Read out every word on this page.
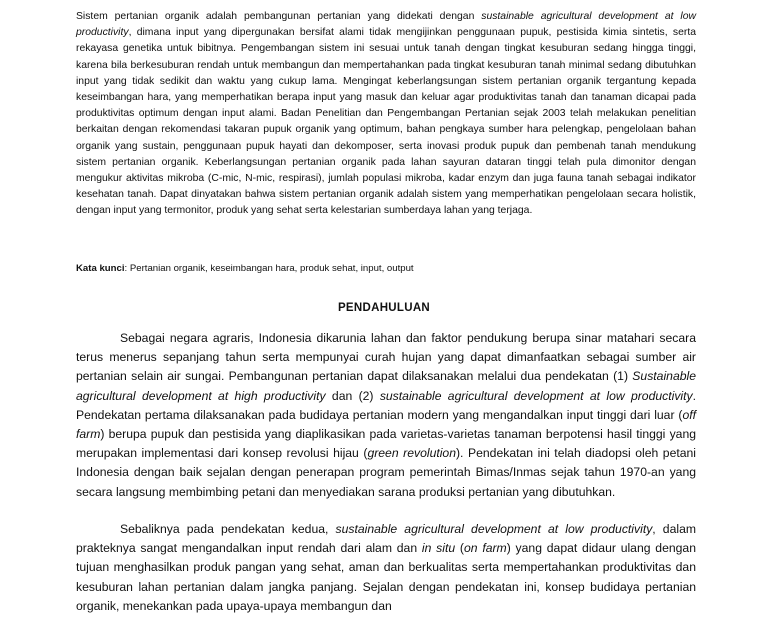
Sistem pertanian organik adalah pembangunan pertanian yang didekati dengan sustainable agricultural development at low productivity, dimana input yang dipergunakan bersifat alami tidak mengijinkan penggunaan pupuk, pestisida kimia sintetis, serta rekayasa genetika untuk bibitnya. Pengembangan sistem ini sesuai untuk tanah dengan tingkat kesuburan sedang hingga tinggi, karena bila berkesuburan rendah untuk membangun dan mempertahankan pada tingkat kesuburan tanah minimal sedang dibutuhkan input yang tidak sedikit dan waktu yang cukup lama. Mengingat keberlangsungan sistem pertanian organik tergantung kepada keseimbangan hara, yang memperhatikan berapa input yang masuk dan keluar agar produktivitas tanah dan tanaman dicapai pada produktivitas optimum dengan input alami. Badan Penelitian dan Pengembangan Pertanian sejak 2003 telah melakukan penelitian berkaitan dengan rekomendasi takaran pupuk organik yang optimum, bahan pengkaya sumber hara pelengkap, pengelolaan bahan organik yang sustain, penggunaan pupuk hayati dan dekomposer, serta inovasi produk pupuk dan pembenah tanah mendukung sistem pertanian organik. Keberlangsungan pertanian organik pada lahan sayuran dataran tinggi telah pula dimonitor dengan mengukur aktivitas mikroba (C-mic, N-mic, respirasi), jumlah populasi mikroba, kadar enzym dan juga fauna tanah sebagai indikator kesehatan tanah. Dapat dinyatakan bahwa sistem pertanian organik adalah sistem yang memperhatikan pengelolaan secara holistik, dengan input yang termonitor, produk yang sehat serta kelestarian sumberdaya lahan yang terjaga.

Kata kunci: Pertanian organik, keseimbangan hara, produk sehat, input, output

PENDAHULUAN

Sebagai negara agraris, Indonesia dikarunia lahan dan faktor pendukung berupa sinar matahari secara terus menerus sepanjang tahun serta mempunyai curah hujan yang dapat dimanfaatkan sebagai sumber air pertanian selain air sungai. Pembangunan pertanian dapat dilaksanakan melalui dua pendekatan (1) Sustainable agricultural development at high productivity dan (2) sustainable agricultural development at low productivity. Pendekatan pertama dilaksanakan pada budidaya pertanian modern yang mengandalkan input tinggi dari luar (off farm) berupa pupuk dan pestisida yang diaplikasikan pada varietas-varietas tanaman berpotensi hasil tinggi yang merupakan implementasi dari konsep revolusi hijau (green revolution). Pendekatan ini telah diadopsi oleh petani Indonesia dengan baik sejalan dengan penerapan program pemerintah Bimas/Inmas sejak tahun 1970-an yang secara langsung membimbing petani dan menyediakan sarana produksi pertanian yang dibutuhkan.

Sebaliknya pada pendekatan kedua, sustainable agricultural development at low productivity, dalam prakteknya sangat mengandalkan input rendah dari alam dan in situ (on farm) yang dapat didaur ulang dengan tujuan menghasilkan produk pangan yang sehat, aman dan berkualitas serta mempertahankan produktivitas dan kesuburan lahan pertanian dalam jangka panjang. Sejalan dengan pendekatan ini, konsep budidaya pertanian organik, menekankan pada upaya-upaya membangun dan
